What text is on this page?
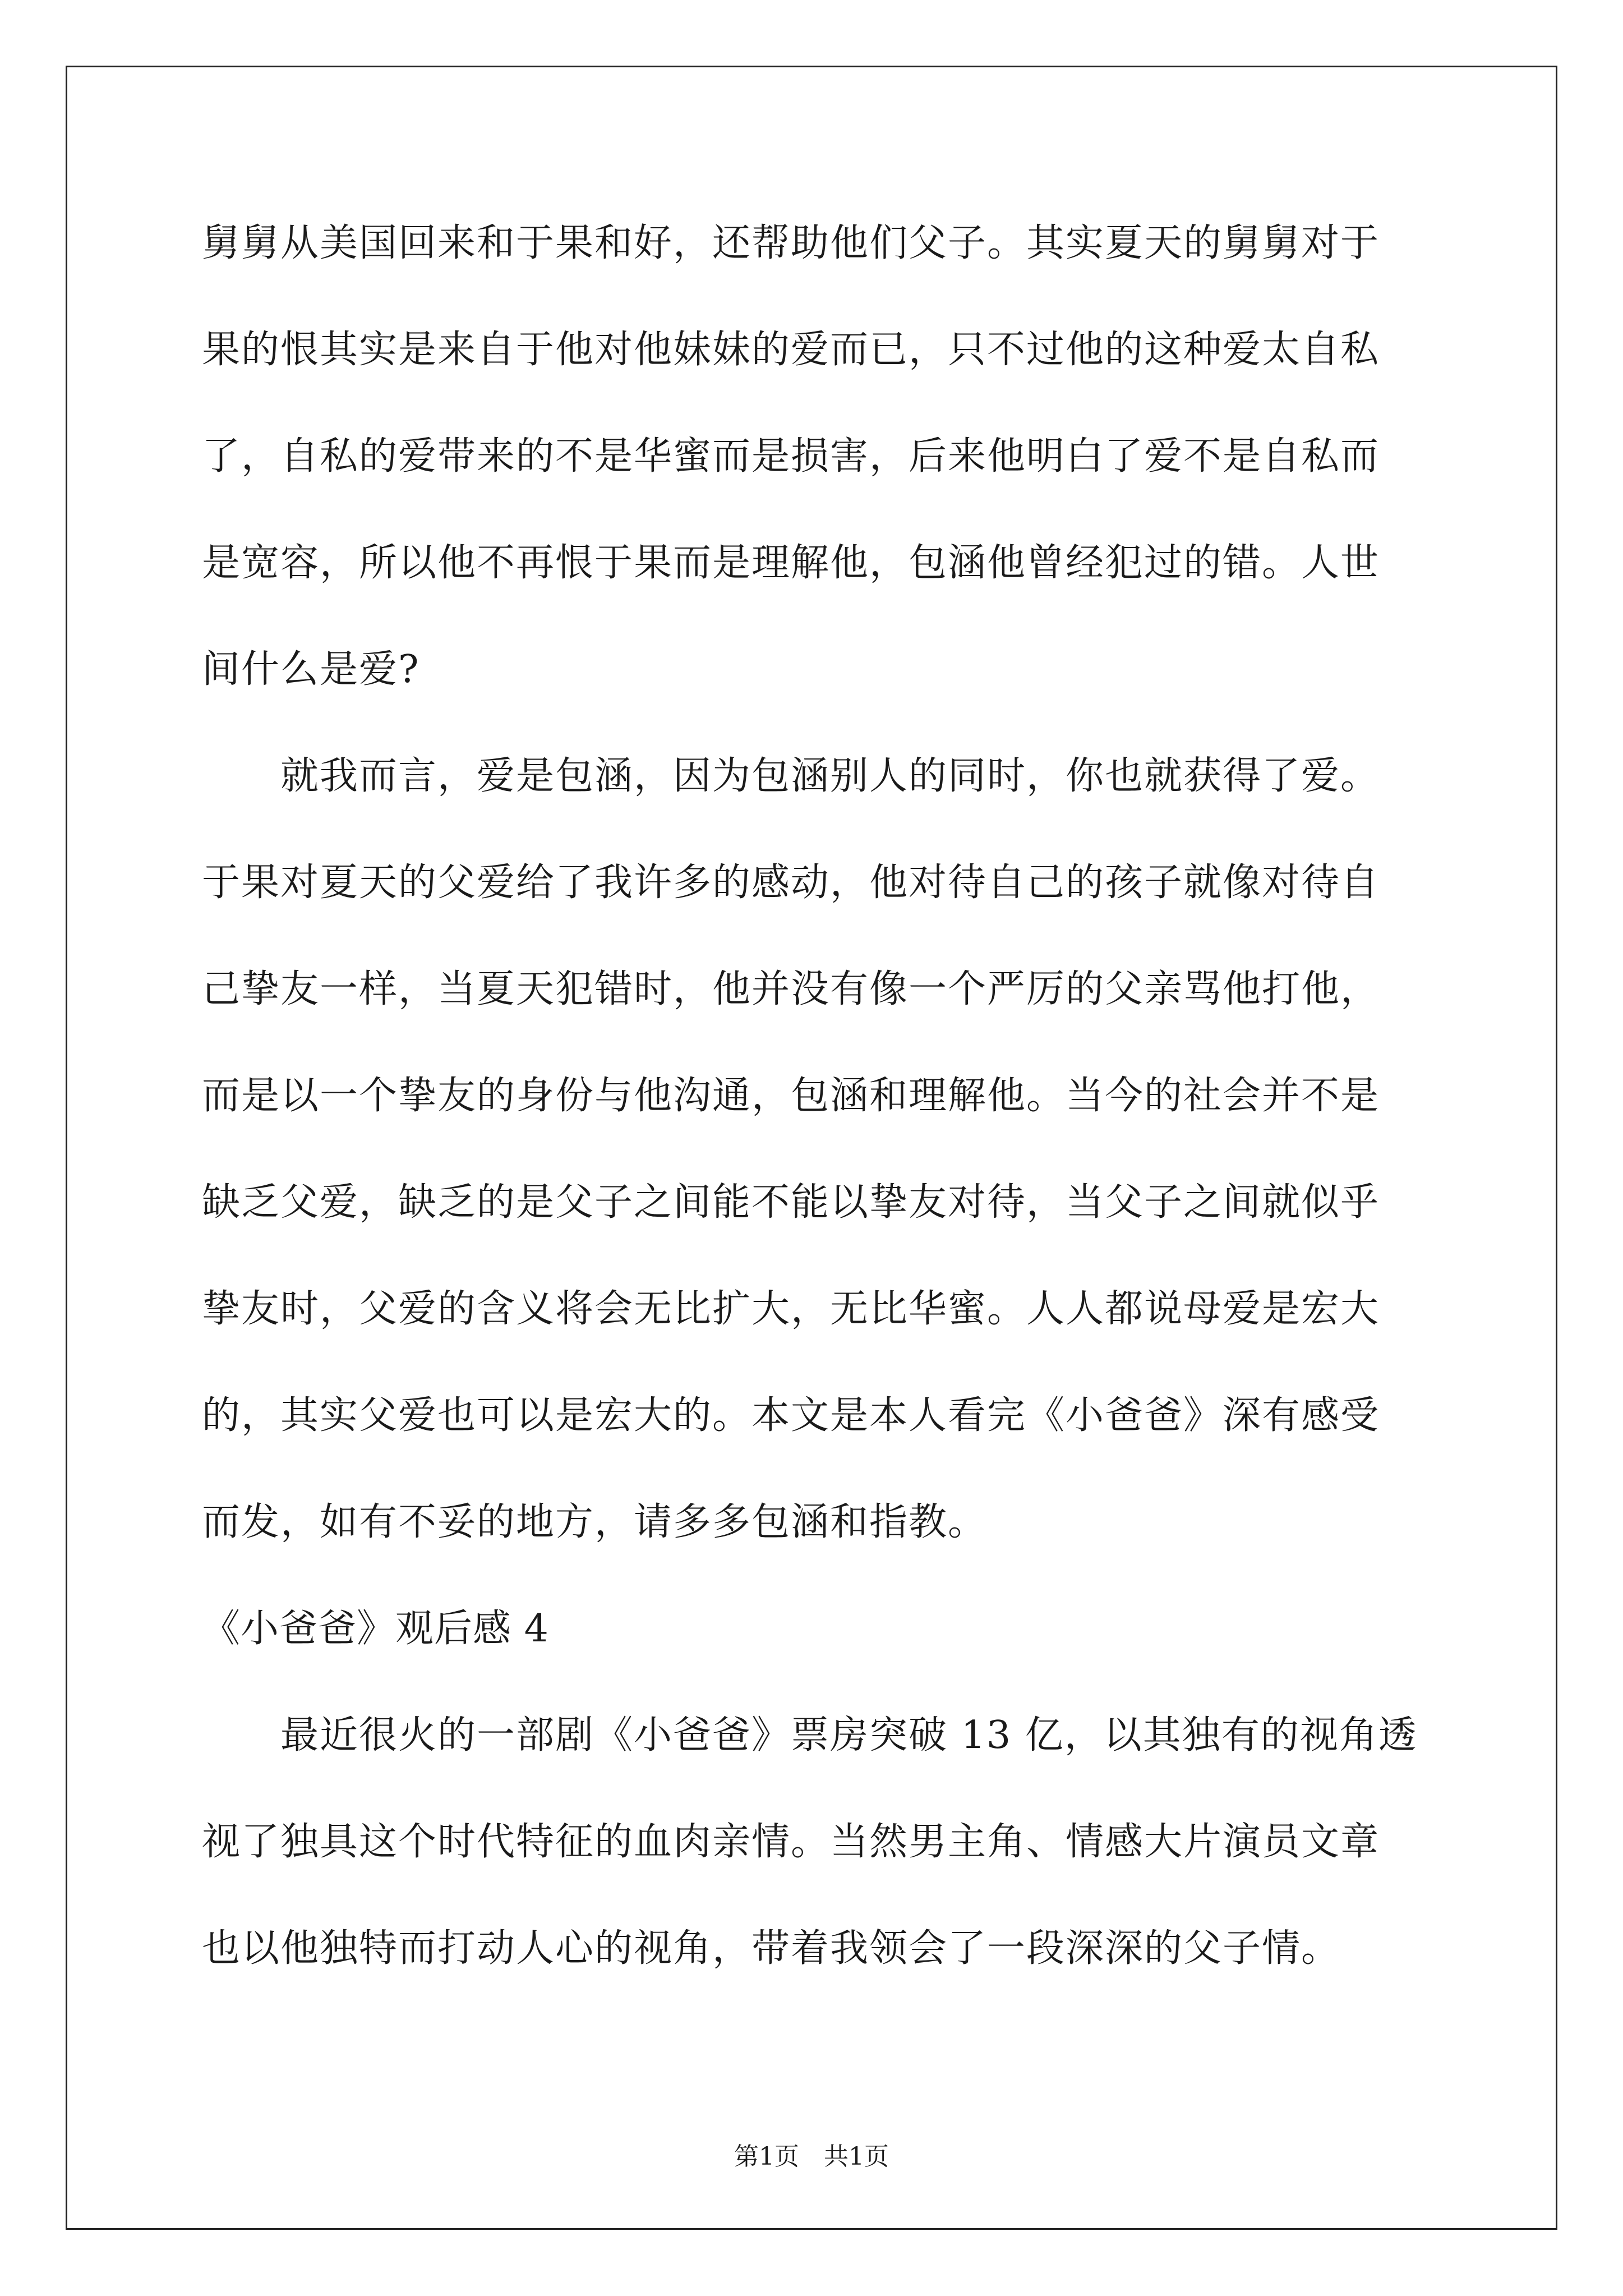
舅舅从美国回来和于果和好，还帮助他们父子。其实夏天的舅舅对于
果的恨其实是来自于他对他妹妹的爱而已，只不过他的这种爱太自私
了，自私的爱带来的不是华蜜而是损害，后来他明白了爱不是自私而
是宽容，所以他不再恨于果而是理解他，包涵他曾经犯过的错。人世
间什么是爱?
　　就我而言，爱是包涵，因为包涵别人的同时，你也就获得了爱。
于果对夏天的父爱给了我许多的感动，他对待自己的孩子就像对待自
己挚友一样，当夏天犯错时，他并没有像一个严厉的父亲骂他打他，
而是以一个挚友的身份与他沟通，包涵和理解他。当今的社会并不是
缺乏父爱，缺乏的是父子之间能不能以挚友对待，当父子之间就似乎
挚友时，父爱的含义将会无比扩大，无比华蜜。人人都说母爱是宏大
的，其实父爱也可以是宏大的。本文是本人看完《小爸爸》深有感受
而发，如有不妥的地方，请多多包涵和指教。
《小爸爸》观后感 4
　　最近很火的一部剧《小爸爸》票房突破 13 亿，以其独有的视角透
视了独具这个时代特征的血肉亲情。当然男主角、情感大片演员文章
也以他独特而打动人心的视角，带着我领会了一段深深的父子情。
第1页　共1页
